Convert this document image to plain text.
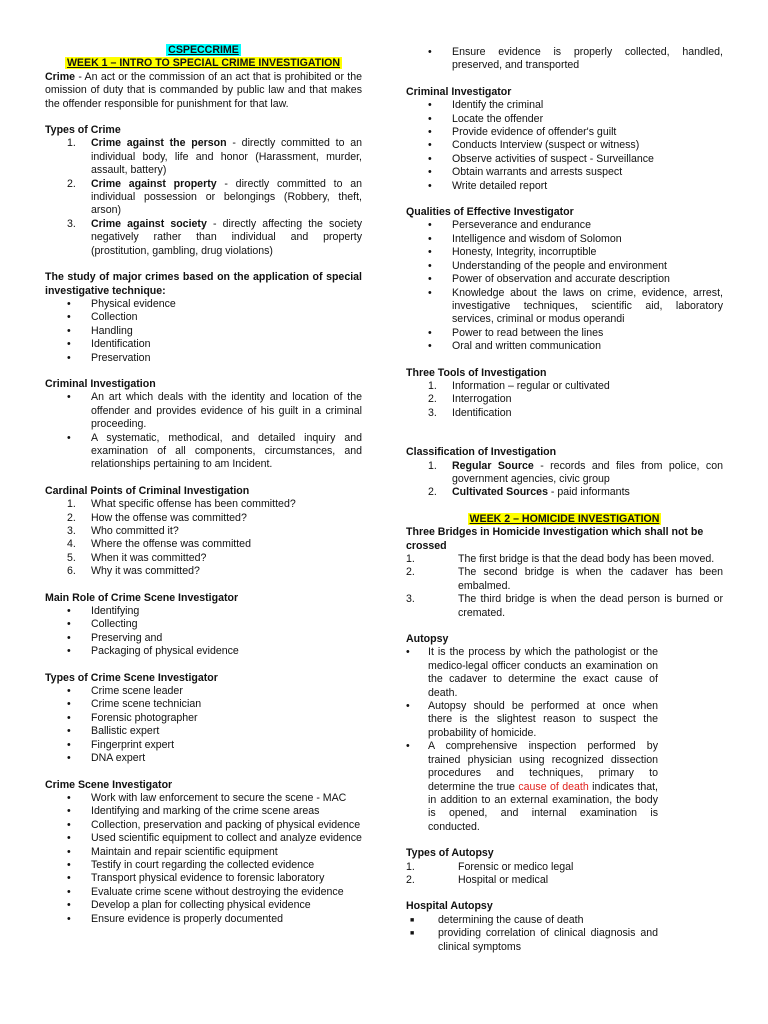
CSPECCRIME
WEEK 1 – INTRO TO SPECIAL CRIME INVESTIGATION
Crime - An act or the commission of an act that is prohibited or the omission of duty that is commanded by public law and that makes the offender responsible for punishment for that law.
Types of Crime
1. Crime against the person - directly committed to an individual body, life and honor (Harassment, murder, assault, battery)
2. Crime against property - directly committed to an individual possession or belongings (Robbery, theft, arson)
3. Crime against society - directly affecting the society negatively rather than individual and property (prostitution, gambling, drug violations)
The study of major crimes based on the application of special investigative technique:
• Physical evidence
• Collection
• Handling
• Identification
• Preservation
Criminal Investigation
• An art which deals with the identity and location of the offender and provides evidence of his guilt in a criminal proceeding.
• A systematic, methodical, and detailed inquiry and examination of all components, circumstances, and relationships pertaining to am Incident.
Cardinal Points of Criminal Investigation
1. What specific offense has been committed?
2. How the offense was committed?
3. Who committed it?
4. Where the offense was committed
5. When it was committed?
6. Why it was committed?
Main Role of Crime Scene Investigator
• Identifying
• Collecting
• Preserving and
• Packaging of physical evidence
Types of Crime Scene Investigator
• Crime scene leader
• Crime scene technician
• Forensic photographer
• Ballistic expert
• Fingerprint expert
• DNA expert
Crime Scene Investigator
• Work with law enforcement to secure the scene - MAC
• Identifying and marking of the crime scene areas
• Collection, preservation and packing of physical evidence
• Used scientific equipment to collect and analyze evidence
• Maintain and repair scientific equipment
• Testify in court regarding the collected evidence
• Transport physical evidence to forensic laboratory
• Evaluate crime scene without destroying the evidence
• Develop a plan for collecting physical evidence
• Ensure evidence is properly documented
• Ensure evidence is properly collected, handled, preserved, and transported
Criminal Investigator
• Identify the criminal
• Locate the offender
• Provide evidence of offender's guilt
• Conducts Interview (suspect or witness)
• Observe activities of suspect - Surveillance
• Obtain warrants and arrests suspect
• Write detailed report
Qualities of Effective Investigator
• Perseverance and endurance
• Intelligence and wisdom of Solomon
• Honesty, Integrity, incorruptible
• Understanding of the people and environment
• Power of observation and accurate description
• Knowledge about the laws on crime, evidence, arrest, investigative techniques, scientific aid, laboratory services, criminal or modus operandi
• Power to read between the lines
• Oral and written communication
Three Tools of Investigation
1. Information – regular or cultivated
2. Interrogation
3. Identification
Classification of Investigation
1. Regular Source - records and files from police, con government agencies, civic group
2. Cultivated Sources - paid informants
WEEK 2 – HOMICIDE INVESTIGATION
Three Bridges in Homicide Investigation which shall not be crossed
1.	The first bridge is that the dead body has been moved.
2.	The second bridge is when the cadaver has been embalmed.
3.	The third bridge is when the dead person is burned or cremated.
Autopsy
• It is the process by which the pathologist or the medico-legal officer conducts an examination on the cadaver to determine the exact cause of death.
• Autopsy should be performed at once when there is the slightest reason to suspect the probability of homicide.
• A comprehensive inspection performed by trained physician using recognized dissection procedures and techniques, primary to determine the true cause of death indicates that, in addition to an external examination, the body is opened, and internal examination is conducted.
Types of Autopsy
1.	Forensic or medico legal
2.	Hospital or medical
Hospital Autopsy
■ determining the cause of death
■ providing correlation of clinical diagnosis and clinical symptoms
